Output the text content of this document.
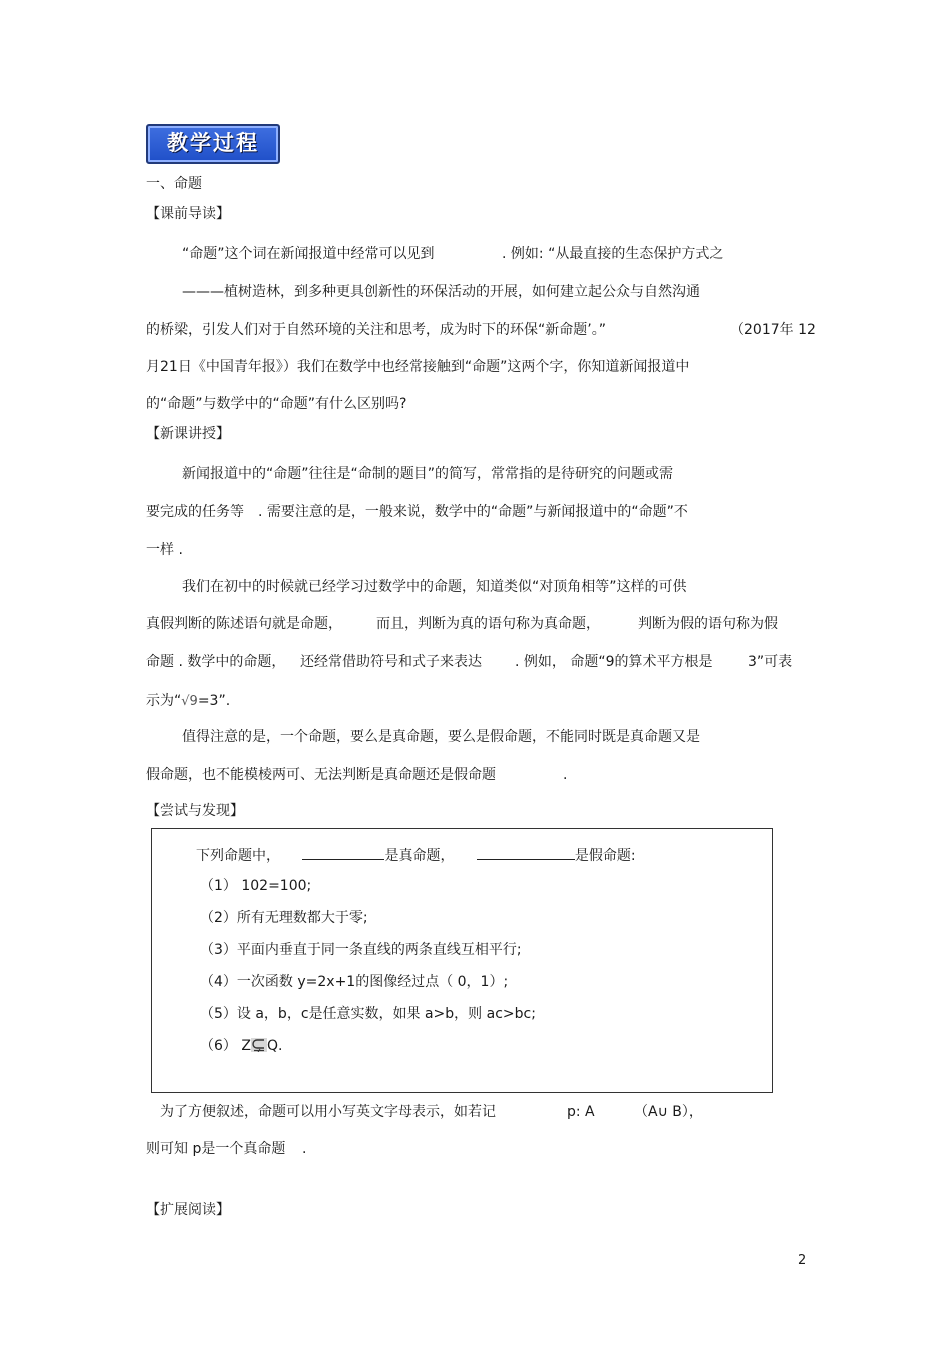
教学过程
一、命题
【课前导读】
“命题”这个词在新闻报道中经常可以见到	. 例如: “从最直接的生态保护方式之
———植树造林，到多种更具创新性的环保活动的开展，如何建立起公众与自然沟通
的桥梁，引发人们对于自然环境的关注和思考，成为时下的环保“新命题’。”	（2017年 12
月21日《中国青年报》）我们在数学中也经常接触到“命题”这两个字，你知道新闻报道中
的“命题”与数学中的“命题”有什么区别吗?
【新课讲授】
新闻报道中的“命题”往往是“命制的题目”的简写，常常指的是待研究的问题或需
要完成的任务等 . 需要注意的是，一般来说，数学中的“命题”与新闻报道中的“命题”不
一样 .
我们在初中的时候就已经学习过数学中的命题，知道类似“对顶角相等”这样的可供
真假判断的陈述语句就是命题， 而且，判断为真的语句称为真命题，	判断为假的语句称为假
命题 . 数学中的命题， 还经常借助符号和式子来表达 . 例如， 命题“9的算术平方根是	3”可表
示为“√9=3”.
值得注意的是，一个命题，要么是真命题，要么是假命题，不能同时既是真命题又是
假命题，也不能模棱两可、无法判断是真命题还是假命题	.
【尝试与发现】
下列命题中，	是真命题，	是假命题:
（1） 102=100;
（2）所有无理数都大于零;
（3）平面内垂直于同一条直线的两条直线互相平行;
（4）一次函数 y=2x+1的图像经过点（ 0，1）;
（5）设 a，b，c是任意实数，如果 a>b，则 ac>bc;
（6） Z Q.
为了方便叙述，命题可以用小写英文字母表示，如若记	p: A	（A∪ B），
则可知 p是一个真命题 .
【扩展阅读】
2
